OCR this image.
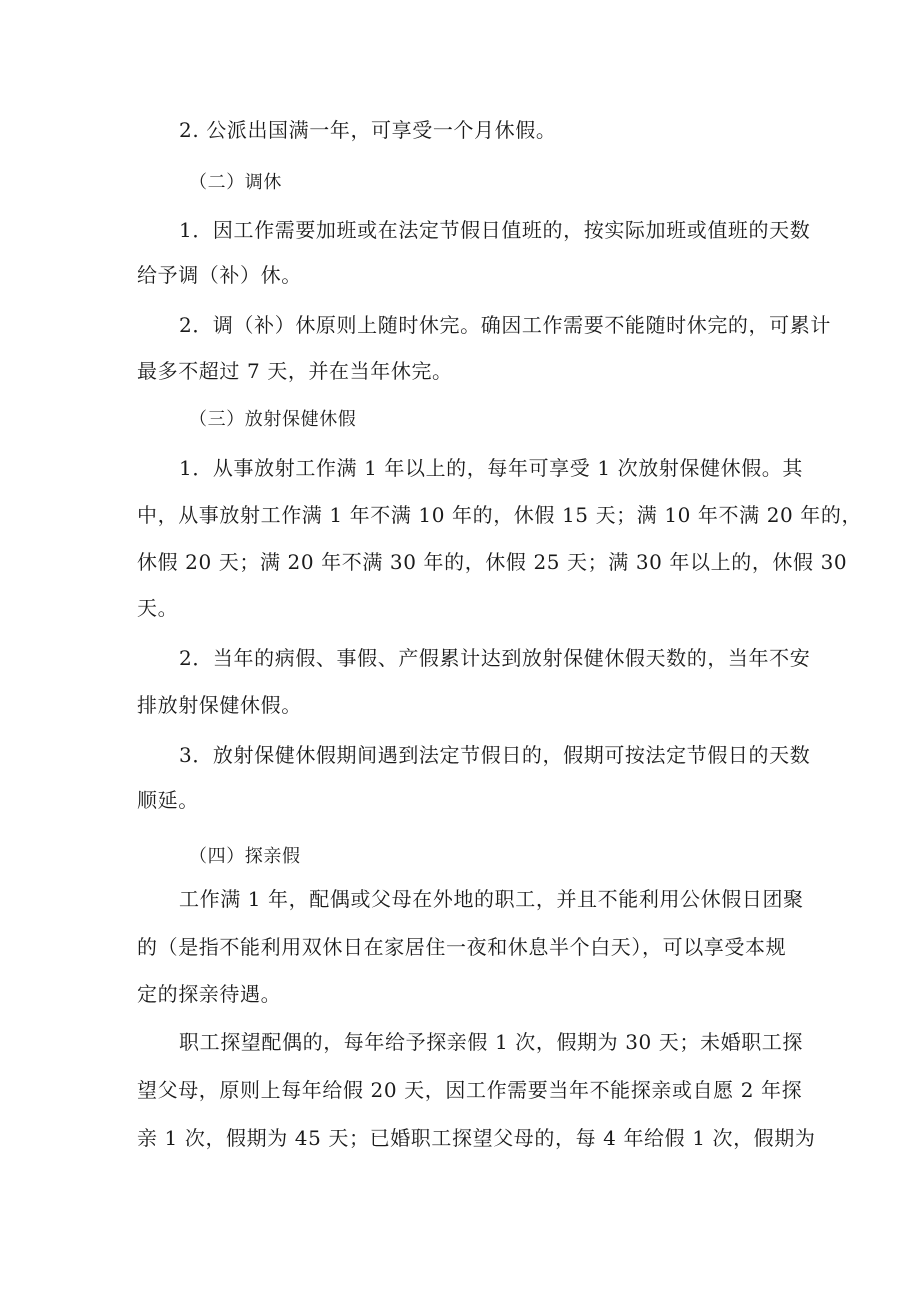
2. 公派出国满一年，可享受一个月休假。

（二）调休

1．因工作需要加班或在法定节假日值班的，按实际加班或值班的天数

给予调（补）休。

2．调（补）休原则上随时休完。确因工作需要不能随时休完的，可累计

最多不超过 7 天，并在当年休完。

（三）放射保健休假

1．从事放射工作满 1 年以上的，每年可享受 1 次放射保健休假。其

中，从事放射工作满 1 年不满 10 年的，休假 15 天；满 10 年不满 20 年的，

休假 20 天；满 20 年不满 30 年的，休假 25 天；满 30 年以上的，休假 30

天。

2．当年的病假、事假、产假累计达到放射保健休假天数的，当年不安

排放射保健休假。

3．放射保健休假期间遇到法定节假日的，假期可按法定节假日的天数

顺延。

（四）探亲假

工作满 1 年，配偶或父母在外地的职工，并且不能利用公休假日团聚

的（是指不能利用双休日在家居住一夜和休息半个白天），可以享受本规

定的探亲待遇。

职工探望配偶的，每年给予探亲假 1 次，假期为 30 天；未婚职工探

望父母，原则上每年给假 20 天，因工作需要当年不能探亲或自愿 2 年探

亲 1 次，假期为 45 天；已婚职工探望父母的，每 4 年给假 1 次，假期为
